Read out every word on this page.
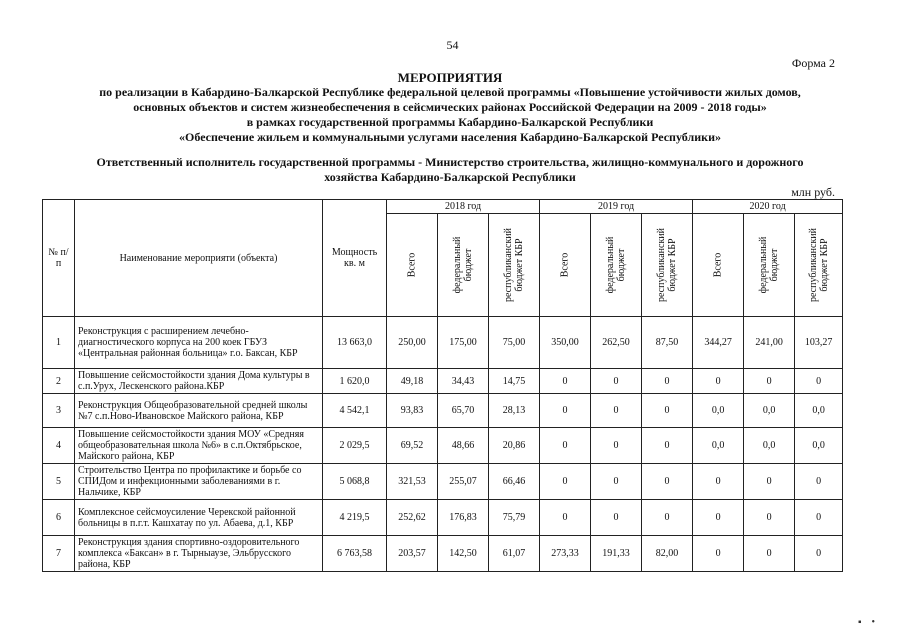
54
Форма 2
МЕРОПРИЯТИЯ
по реализации в Кабардино-Балкарской Республике федеральной целевой программы «Повышение устойчивости жилых домов,
основных объектов и систем жизнеобеспечения в сейсмических районах Российской Федерации на 2009 - 2018 годы»
в рамках государственной программы Кабардино-Балкарской Республики
«Обеспечение жильем и коммунальными услугами населения Кабардино-Балкарской Республики»
Ответственный исполнитель государственной программы - Министерство строительства, жилищно-коммунального и дорожного
хозяйства Кабардино-Балкарской Республики
млн руб.
№ п/п	Наименование мероприяти (объекта)	Мощность кв. м	2018 год			2019 год			2020 год		

			Всего	федеральный бюджет	республиканский бюджет КБР	Всего	федеральный бюджет	республиканский бюджет КБР	Всего	федеральный бюджет	республиканский бюджет КБР

1	Реконструкция с расширением лечебно-диагностического корпуса на 200 коек ГБУЗ «Центральная районная больница» г.о. Баксан, КБР	13 663,0	250,00	175,00	75,00	350,00	262,50	87,50	344,27	241,00	103,27
2	Повышение сейсмостойкости здания Дома культуры в с.п.Урух, Лескенского района.КБР	1 620,0	49,18	34,43	14,75	0	0	0	0	0	0
3	Реконструкция Общеобразовательной средней школы №7 с.п.Ново-Ивановское Майского района, КБР	4 542,1	93,83	65,70	28,13	0	0	0	0,0	0,0	0,0
4	Повышение сейсмостойкости здания МОУ «Средняя общеобразовательная школа №6» в с.п.Октябрьское, Майского района, КБР	2 029,5	69,52	48,66	20,86	0	0	0	0,0	0,0	0,0
5	Строительство Центра по профилактике и борьбе со СПИДом и инфекционными заболеваниями в г. Нальчике, КБР	5 068,8	321,53	255,07	66,46	0	0	0	0	0	0
6	Комплексное сейсмоусиление Черекской районной больницы в п.г.т. Кашхатау по ул. Абаева, д.1, КБР	4 219,5	252,62	176,83	75,79	0	0	0	0	0	0
7	Реконструкция здания спортивно-оздоровительного комплекса «Баксан» в г. Тырныаузе, Эльбрусского района, КБР	6 763,58	203,57	142,50	61,07	273,33	191,33	82,00	0	0	0
▪    •
